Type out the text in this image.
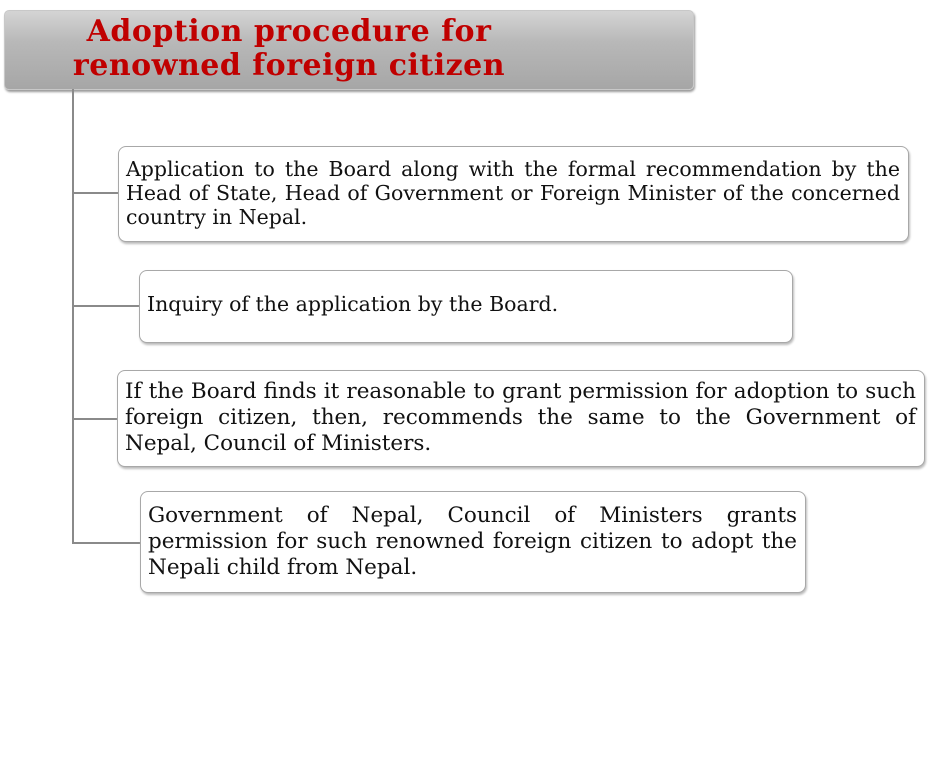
Adoption procedure for renowned foreign citizen
Application to the Board along with the formal recommendation by the Head of State, Head of Government or Foreign Minister of the concerned country in Nepal.
Inquiry of the application by the Board.
If the Board finds it reasonable to grant permission for adoption to such foreign citizen, then, recommends the same to the Government of Nepal, Council of Ministers.
Government of Nepal, Council of Ministers grants permission for such renowned foreign citizen to adopt the Nepali child from Nepal.
